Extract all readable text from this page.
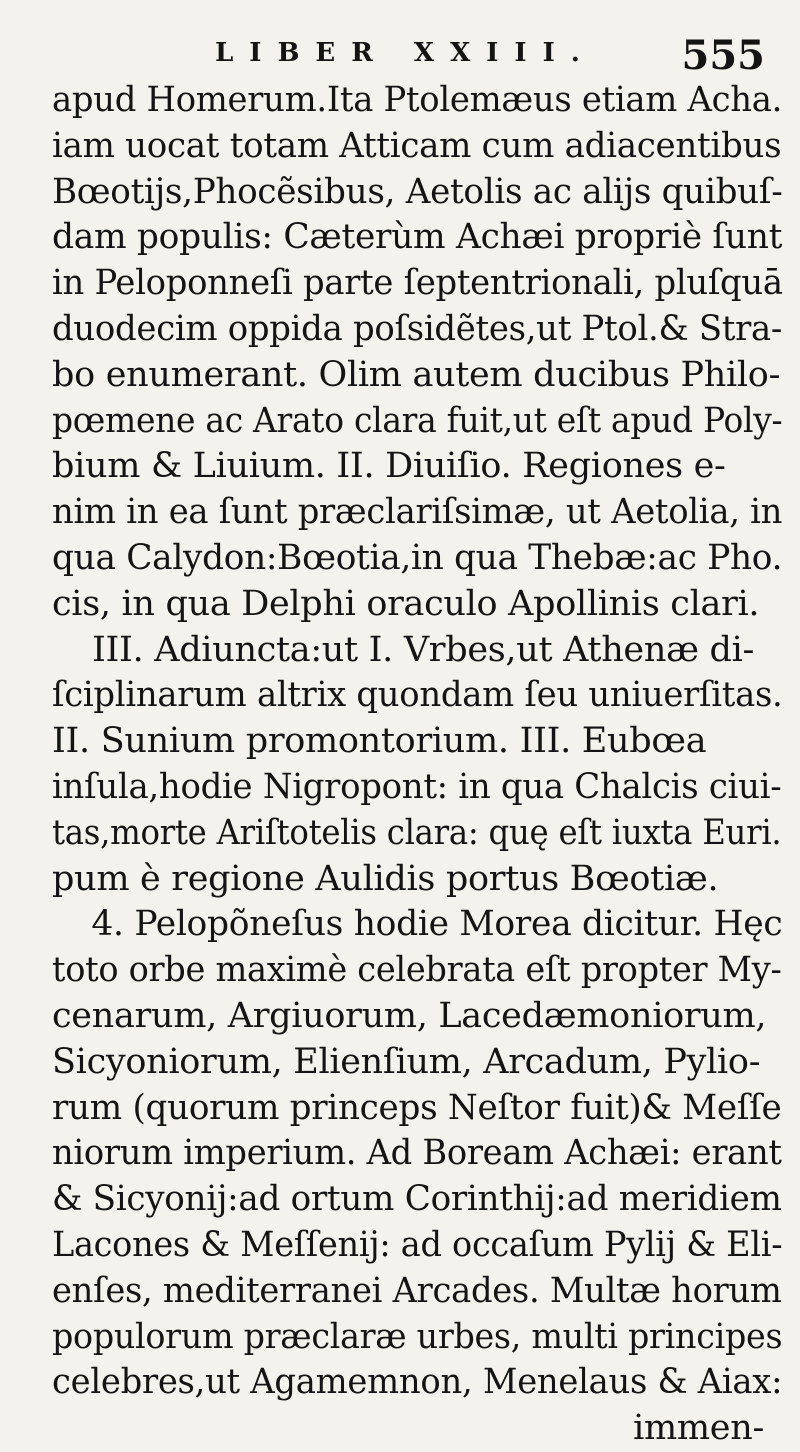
LIBER XXIII. 555
apud Homerum.Ita Ptolemæus etiam Acha.
iam uocat totam Atticam cum adiacentibus
Bœotijs,Phocẽsibus, Aetolis ac alijs quibuſ-
dam populis: Cæterùm Achæi propriè ſunt
in Peloponneſi parte ſeptentrionali, pluſquā
duodecim oppida poſsidẽtes,ut Ptol.& Stra-
bo enumerant. Olim autem ducibus Philo-
pœmene ac Arato clara fuit,ut eſt apud Poly-
bium & Liuium. II. Diuiſio. Regiones e-
nim in ea ſunt præclariſsimæ, ut Aetolia, in
qua Calydon:Bœotia,in qua Thebæ:ac Pho.
cis, in qua Delphi oraculo Apollinis clari.
III. Adiuncta:ut I. Vrbes,ut Athenæ di-
ſciplinarum altrix quondam ſeu uniuerſitas.
II. Sunium promontorium. III. Eubœa
inſula,hodie Nigropont: in qua Chalcis ciui-
tas,morte Ariſtotelis clara: quę eſt iuxta Euri.
pum è regione Aulidis portus Bœotiæ.
4. Pelopõneſus hodie Morea dicitur. Hęc
toto orbe maximè celebrata eſt propter My-
cenarum, Argiuorum, Lacedæmoniorum,
Sicyoniorum, Elienſium, Arcadum, Pylio-
rum (quorum princeps Neſtor fuit)& Meſſe
niorum imperium. Ad Boream Achæi: erant
& Sicyonij:ad ortum Corinthij:ad meridiem
Lacones & Meſſenij: ad occaſum Pylij & Eli-
enſes, mediterranei Arcades. Multæ horum
populorum præclaræ urbes, multi principes
celebres,ut Agamemnon, Menelaus & Aiax:
immen-
